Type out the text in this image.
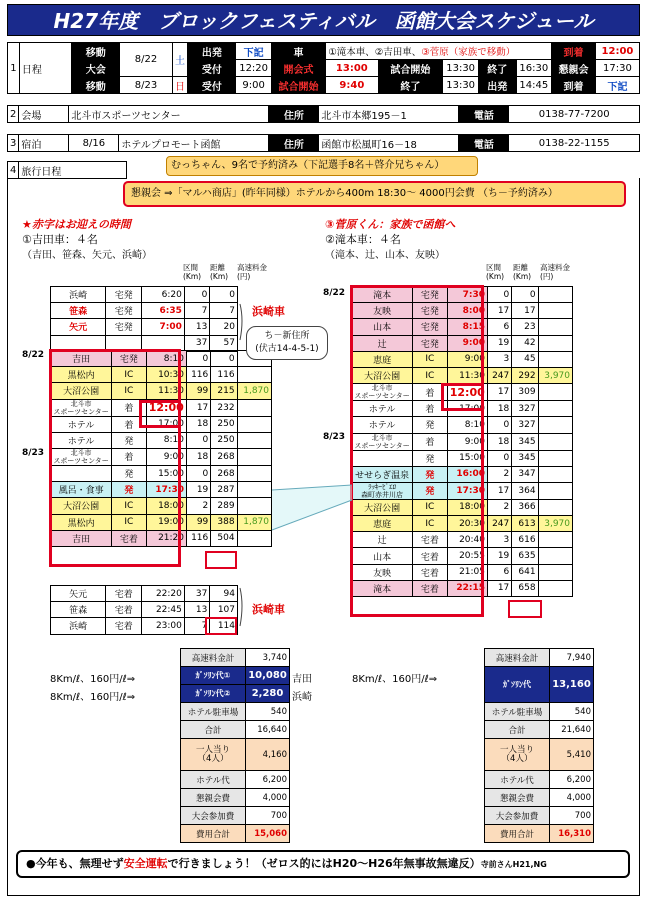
H27年度　ブロックフェスティバル　函館大会スケジュール
1	日程	移動	8/22	土	出発	下記	車	①滝本車、②吉田車、③菅原（家族で移動）					到着	12:00
		大会			受付	12:20	開会式	13:00	試合開始	13:30	終了	16:30	懇親会	17:30
		移動	8/23	日	受付	9:00	試合開始	9:40	終了	13:30	出発	14:45	到着	下記
2	会場	北斗市スポーツセンター	住所	北斗市本郷195－1	電話	0138-77-7200
3	宿泊	8/16	ホテルプロモート函館	住所	函館市松風町16－18	電話	0138-22-1155
4	旅行日程
むっちゃん、9名で予約済み（下記選手8名＋啓介兄ちゃん）
懇親会 ⇒「マルハ商店」(昨年同様）ホテルから400m 18:30～ 4000円会費 （ち－予約済み）
★赤字はお迎えの時間
①吉田車：４名
（吉田、笹森、矢元、浜崎）
③菅原くん：家族で函館へ
②滝本車：４名
（滝本、辻、山本、友映）
区間
(Km)
距離
(Km)
高速料金
(円)
区間
(Km)
距離
(Km)
高速料金
(円)
浜崎	宅発	6:20	0	0
笹森	宅発	6:35	7	7
矢元	宅発	7:00	13	20
			37	57
吉田	宅発	8:10	0	0	
黒松内	IC	10:30	116	116	
大沼公園	IC	11:30	99	215	1,870
北斗市
スポーツセンター	着	12:00	17	232	
ホテル	着	17:00	18	250	
ホテル	発	8:10	0	250	
北斗市
スポーツセンター	着	9:00	18	268	
	発	15:00	0	268	
風呂・食事	発	17:30	19	287	
大沼公園	IC	18:00	2	289	
黒松内	IC	19:00	99	388	1,870
吉田	宅着	21:20	116	504	
矢元	宅着	22:20	37	94
笹森	宅着	22:45	13	107
浜崎	宅着	23:00	7	114
滝本	宅発	7:30	0	0	
友映	宅発	8:00	17	17	
山本	宅発	8:15	6	23	
辻	宅発	9:00	19	42	
恵庭	IC	9:00	3	45	
大沼公園	IC	11:30	247	292	3,970
北斗市
スポーツセンター	着	12:00	17	309	
ホテル	着	17:00	18	327	
ホテル	発	8:10	0	327	
北斗市
スポーツセンター	着	9:00	18	345	
	発	15:00	0	345	
せせらぎ温泉	発	16:00	2	347	
ﾗｯｷｰﾋﾟｴﾛ
森町赤井川店	発	17:30	17	364	
大沼公園	IC	18:00	2	366	
恵庭	IC	20:30	247	613	3,970
辻	宅着	20:40	3	616	
山本	宅着	20:55	19	635	
友映	宅着	21:05	6	641	
滝本	宅着	22:15	17	658	
8/22
8/23
8/22
8/23
浜崎車
浜崎車
ち－新住所
(伏古14-4-5-1)
8Km/ℓ、160円/ℓ⇒
8Km/ℓ、160円/ℓ⇒
吉田
浜崎
高速料金計	3,740
ｶﾞｿﾘﾝ代①	10,080
ｶﾞｿﾘﾝ代②	2,280
ホテル駐車場	540
合計	16,640
一人当り
（4人）	4,160
ホテル代	6,200
懇親会費	4,000
大会参加費	700
費用合計	15,060
8Km/ℓ、160円/ℓ⇒
高速料金計	7,940
ｶﾞｿﾘﾝ代	13,160
ホテル駐車場	540
合計	21,640
一人当り
（4人）	5,410
ホテル代	6,200
懇親会費	4,000
大会参加費	700
費用合計	16,310
●今年も、無理せず安全運転で行きましょう！（ゼロス的にはH20～H26年無事故無違反）寺前さんH21,NG
